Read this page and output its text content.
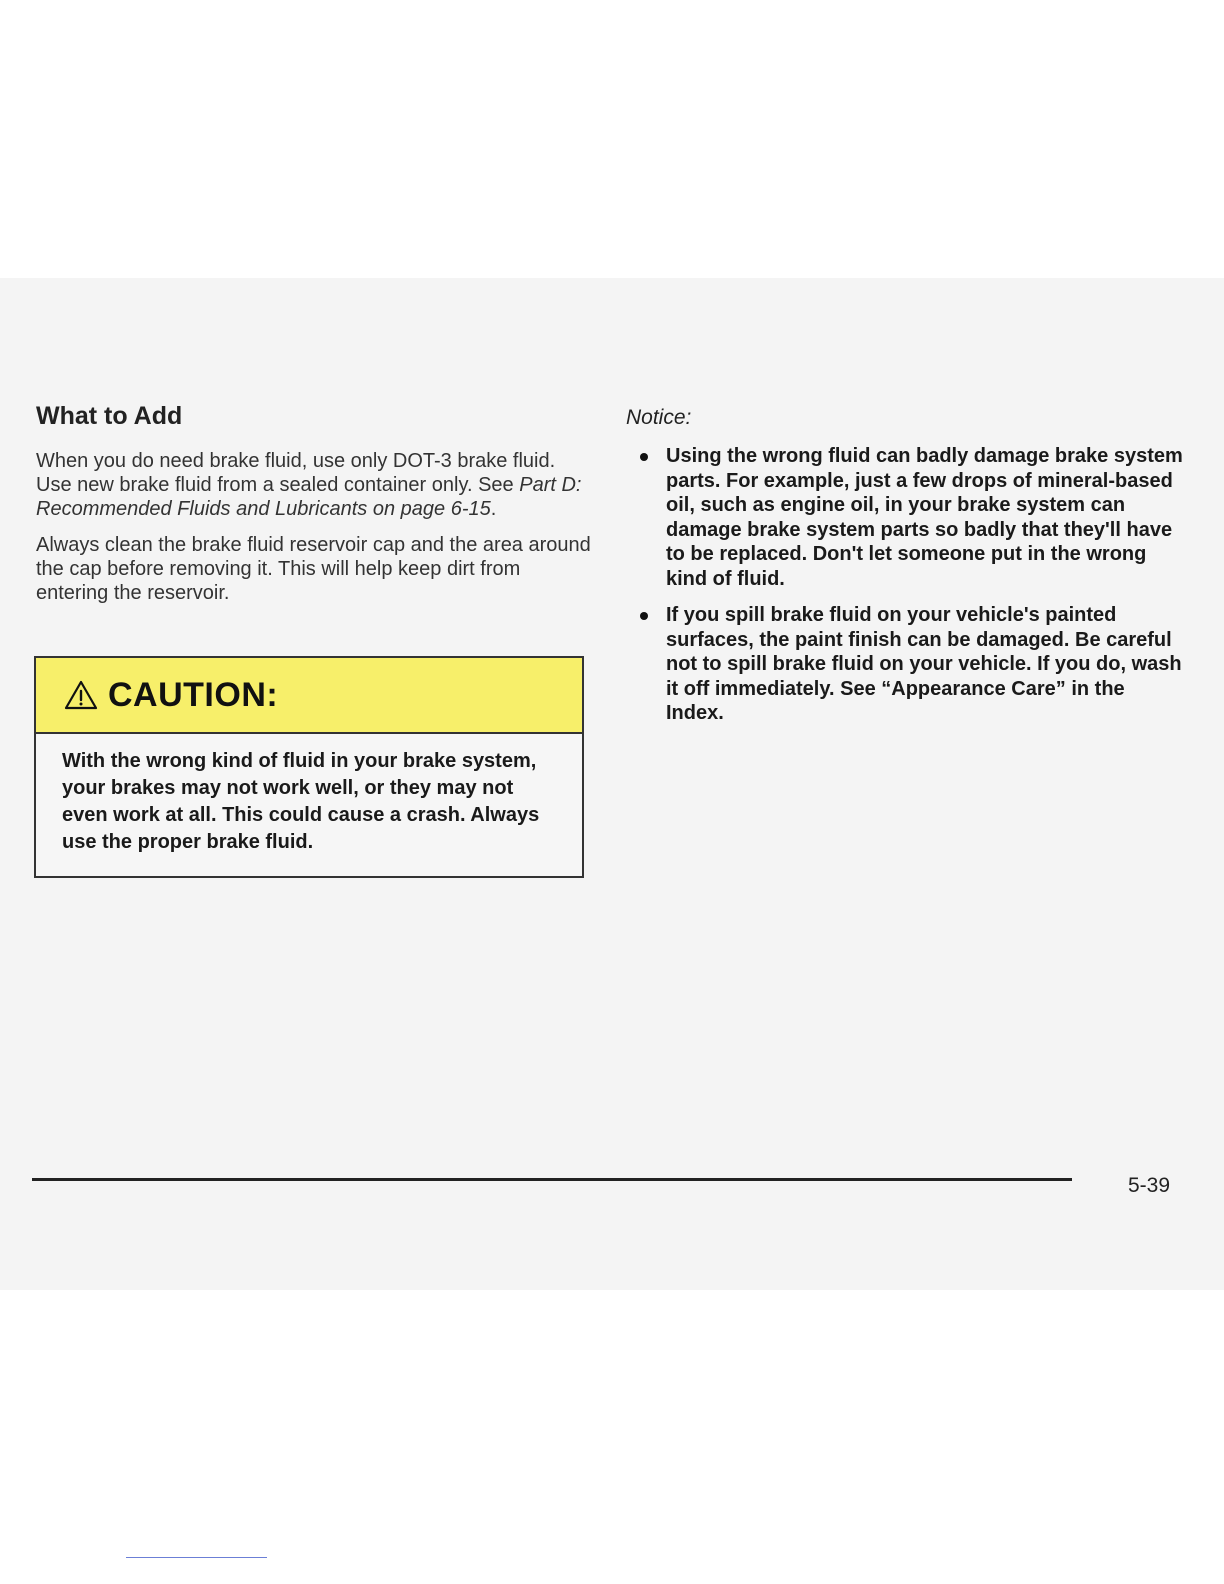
What to Add

When you do need brake fluid, use only DOT-3 brake fluid. Use new brake fluid from a sealed container only. See Part D: Recommended Fluids and Lubricants on page 6-15.

Always clean the brake fluid reservoir cap and the area around the cap before removing it. This will help keep dirt from entering the reservoir.

CAUTION:
With the wrong kind of fluid in your brake system, your brakes may not work well, or they may not even work at all. This could cause a crash. Always use the proper brake fluid.
Notice:
Using the wrong fluid can badly damage brake system parts. For example, just a few drops of mineral-based oil, such as engine oil, in your brake system can damage brake system parts so badly that they'll have to be replaced. Don't let someone put in the wrong kind of fluid.
If you spill brake fluid on your vehicle's painted surfaces, the paint finish can be damaged. Be careful not to spill brake fluid on your vehicle. If you do, wash it off immediately. See “Appearance Care” in the Index.
5-39
